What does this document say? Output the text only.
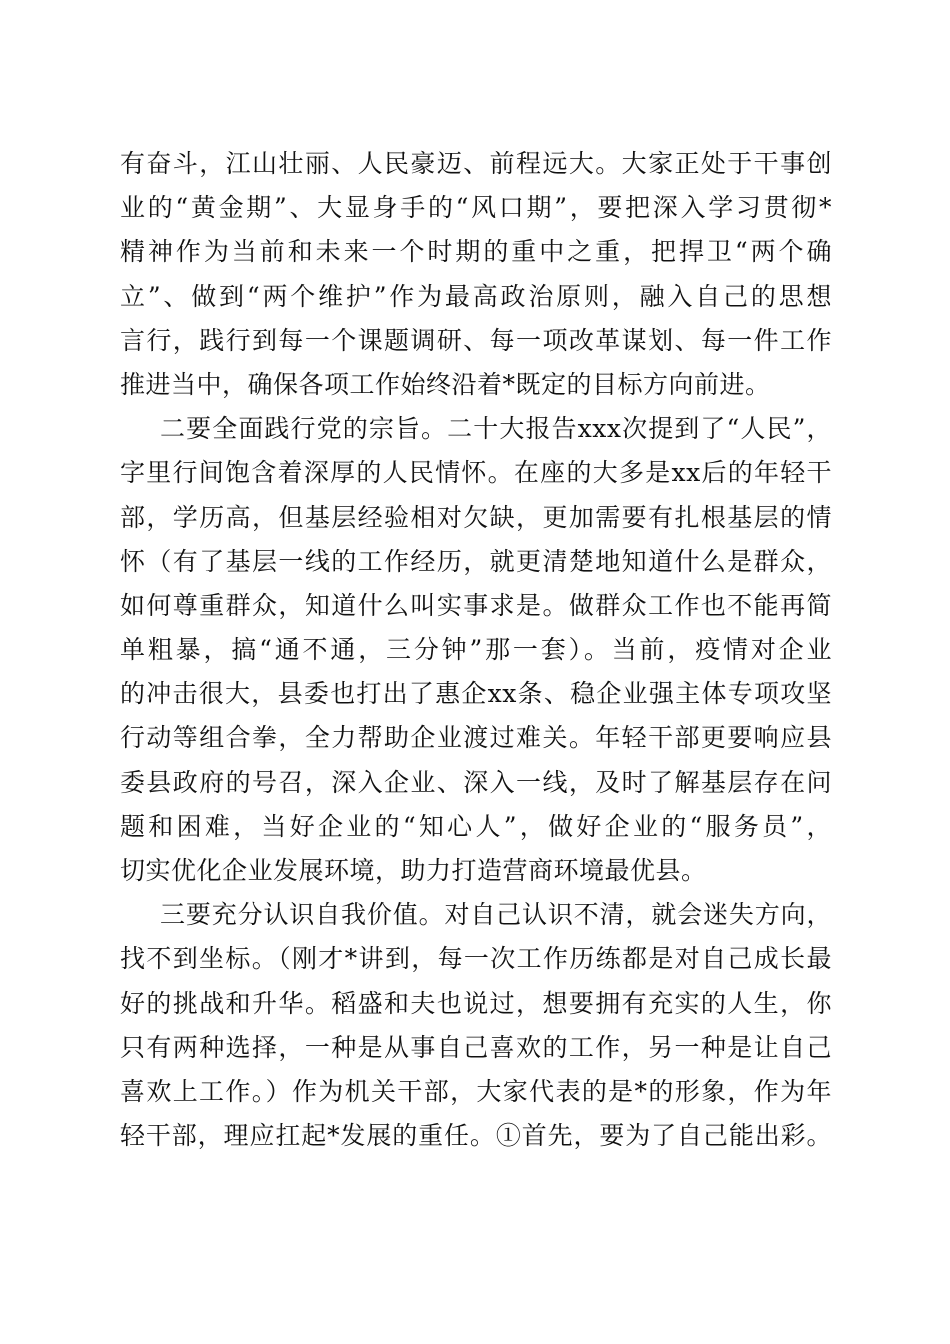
有奋斗，江山壮丽、人民豪迈、前程远大。大家正处于干事创
业的“黄金期”、大显身手的“风口期”，要把深入学习贯彻*
精神作为当前和未来一个时期的重中之重，把捍卫“两个确
立”、做到“两个维护”作为最高政治原则，融入自己的思想
言行，践行到每一个课题调研、每一项改革谋划、每一件工作
推进当中，确保各项工作始终沿着*既定的目标方向前进。
二要全面践行党的宗旨。二十大报告xxx次提到了“人民”，
字里行间饱含着深厚的人民情怀。在座的大多是xx后的年轻干
部，学历高，但基层经验相对欠缺，更加需要有扎根基层的情
怀（有了基层一线的工作经历，就更清楚地知道什么是群众，
如何尊重群众，知道什么叫实事求是。做群众工作也不能再简
单粗暴，搞“通不通，三分钟”那一套）。当前，疫情对企业
的冲击很大，县委也打出了惠企xx条、稳企业强主体专项攻坚
行动等组合拳，全力帮助企业渡过难关。年轻干部更要响应县
委县政府的号召，深入企业、深入一线，及时了解基层存在问
题和困难，当好企业的“知心人”，做好企业的“服务员”，
切实优化企业发展环境，助力打造营商环境最优县。
三要充分认识自我价值。对自己认识不清，就会迷失方向，
找不到坐标。（刚才*讲到，每一次工作历练都是对自己成长最
好的挑战和升华。稻盛和夫也说过，想要拥有充实的人生，你
只有两种选择，一种是从事自己喜欢的工作，另一种是让自己
喜欢上工作。）作为机关干部，大家代表的是*的形象，作为年
轻干部，理应扛起*发展的重任。①首先，要为了自己能出彩。
